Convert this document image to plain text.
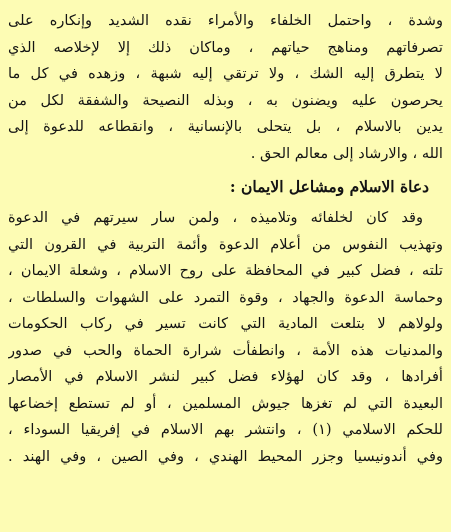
وشدة ، واحتمل الخلفاء والأمراء نقده الشديد وإنكاره على
تصرفاتهم ومناهج حياتهم ، وماكان ذلك إلا لإخلاصه الذي
لا يتطرق إليه الشك ، ولا ترتقي إليه شبهة ، وزهده في كل ما
يحرصون عليه ويضنون به ، وبذله النصيحة والشفقة لكل من
يدين بالاسلام ، بل يتحلى بالإنسانية ، وانقطاعه للدعوة إلى
الله ، والارشاد إلى معالم الحق .

دعاة الاسلام ومشاعل الايمان :

وقد كان لخلفائه وتلاميذه ، ولمن سار سيرتهم في الدعوة
وتهذيب النفوس من أعلام الدعوة وأئمة التربية في القرون التي
تلته ، فضل كبير في المحافظة على روح الاسلام ، وشعلة الايمان ،
وحماسة الدعوة والجهاد ، وقوة التمرد على الشهوات والسلطات ،
ولولاهم لا بتلعت المادية التي كانت تسير في ركاب الحكومات
والمدنيات هذه الأمة ، وانطفأت شرارة الحماة والحب في صدور
أفرادها ، وقد كان لهؤلاء فضل كبير لنشر الاسلام في الأمصار
البعيدة التي لم تغزها جيوش المسلمين ، أو لم تستطع إخضاعها
للحكم الاسلامي (١) ، وانتشر بهم الاسلام في إفريقيا السوداء ،
وفي أندونيسيا وجزر المحيط الهندي ، وفي الصين ، وفي الهند .
